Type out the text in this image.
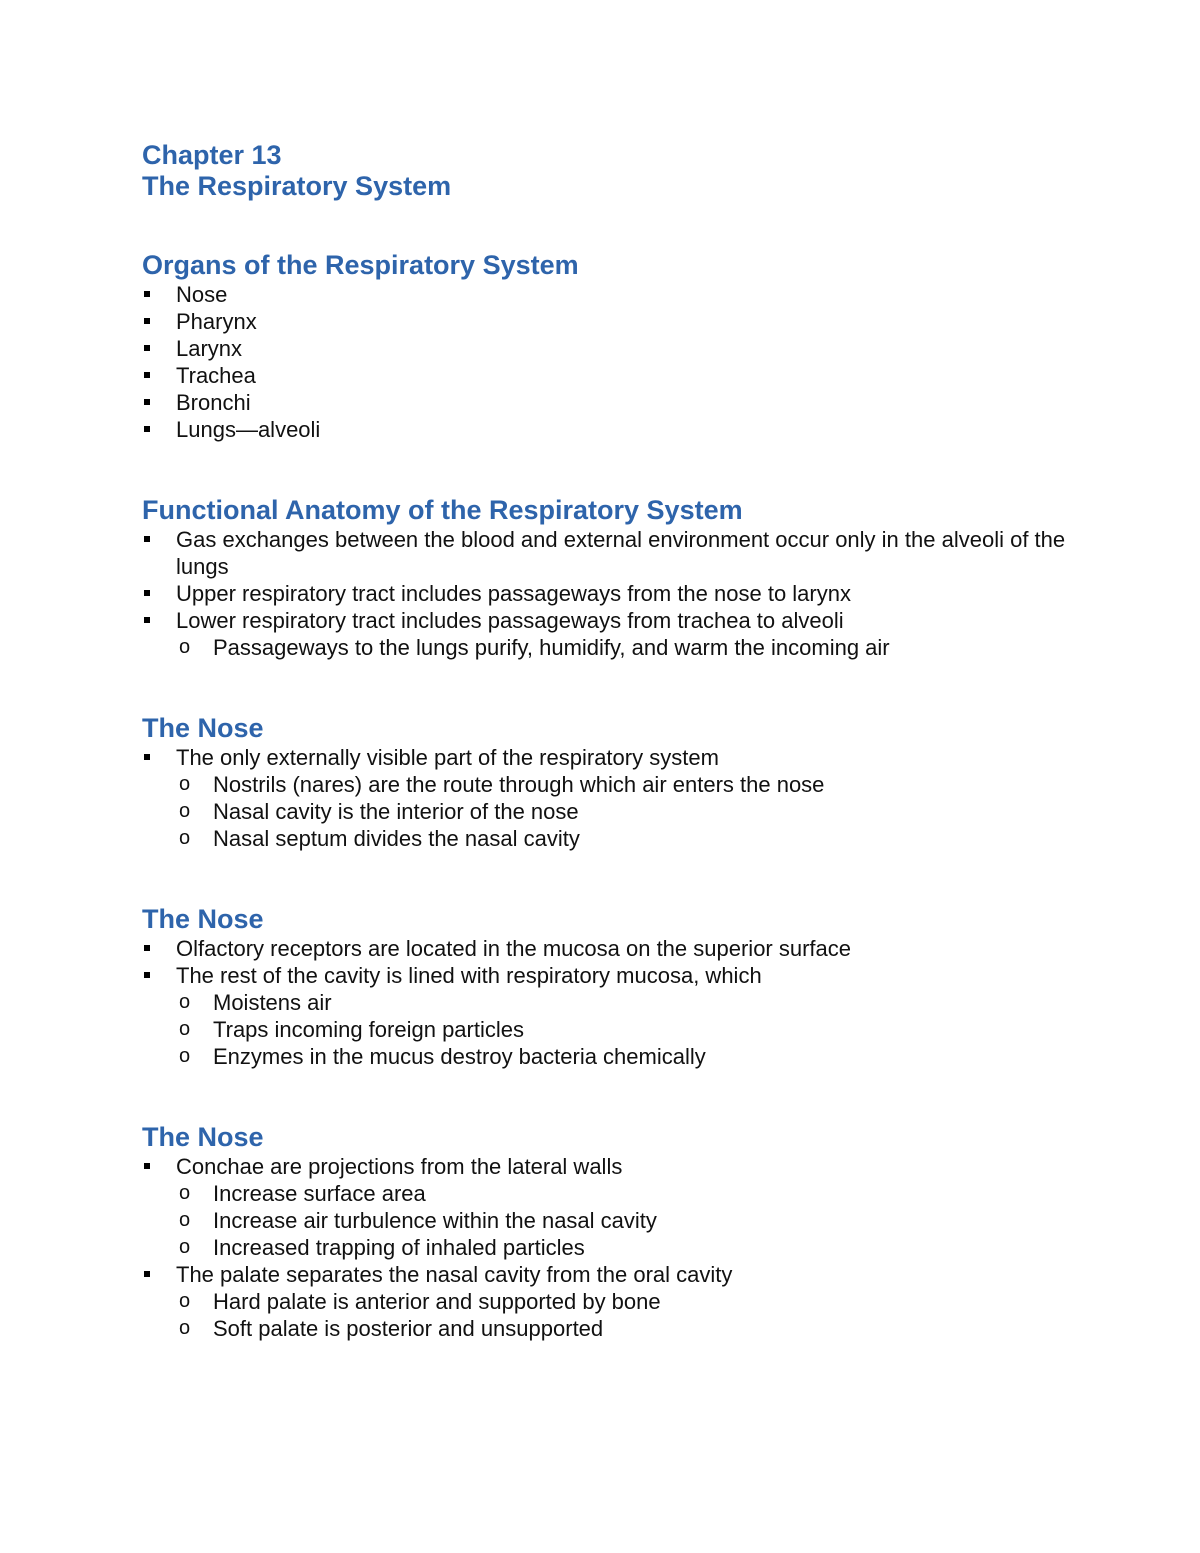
Chapter 13
The Respiratory System
Organs of the Respiratory System
Nose
Pharynx
Larynx
Trachea
Bronchi
Lungs—alveoli
Functional Anatomy of the Respiratory System
Gas exchanges between the blood and external environment occur only in the alveoli of the lungs
Upper respiratory tract includes passageways from the nose to larynx
Lower respiratory tract includes passageways from trachea to alveoli
o Passageways to the lungs purify, humidify, and warm the incoming air
The Nose
The only externally visible part of the respiratory system
o Nostrils (nares) are the route through which air enters the nose
o Nasal cavity is the interior of the nose
o Nasal septum divides the nasal cavity
The Nose
Olfactory receptors are located in the mucosa on the superior surface
The rest of the cavity is lined with respiratory mucosa, which
o Moistens air
o Traps incoming foreign particles
o Enzymes in the mucus destroy bacteria chemically
The Nose
Conchae are projections from the lateral walls
o Increase surface area
o Increase air turbulence within the nasal cavity
o Increased trapping of inhaled particles
The palate separates the nasal cavity from the oral cavity
o Hard palate is anterior and supported by bone
o Soft palate is posterior and unsupported
